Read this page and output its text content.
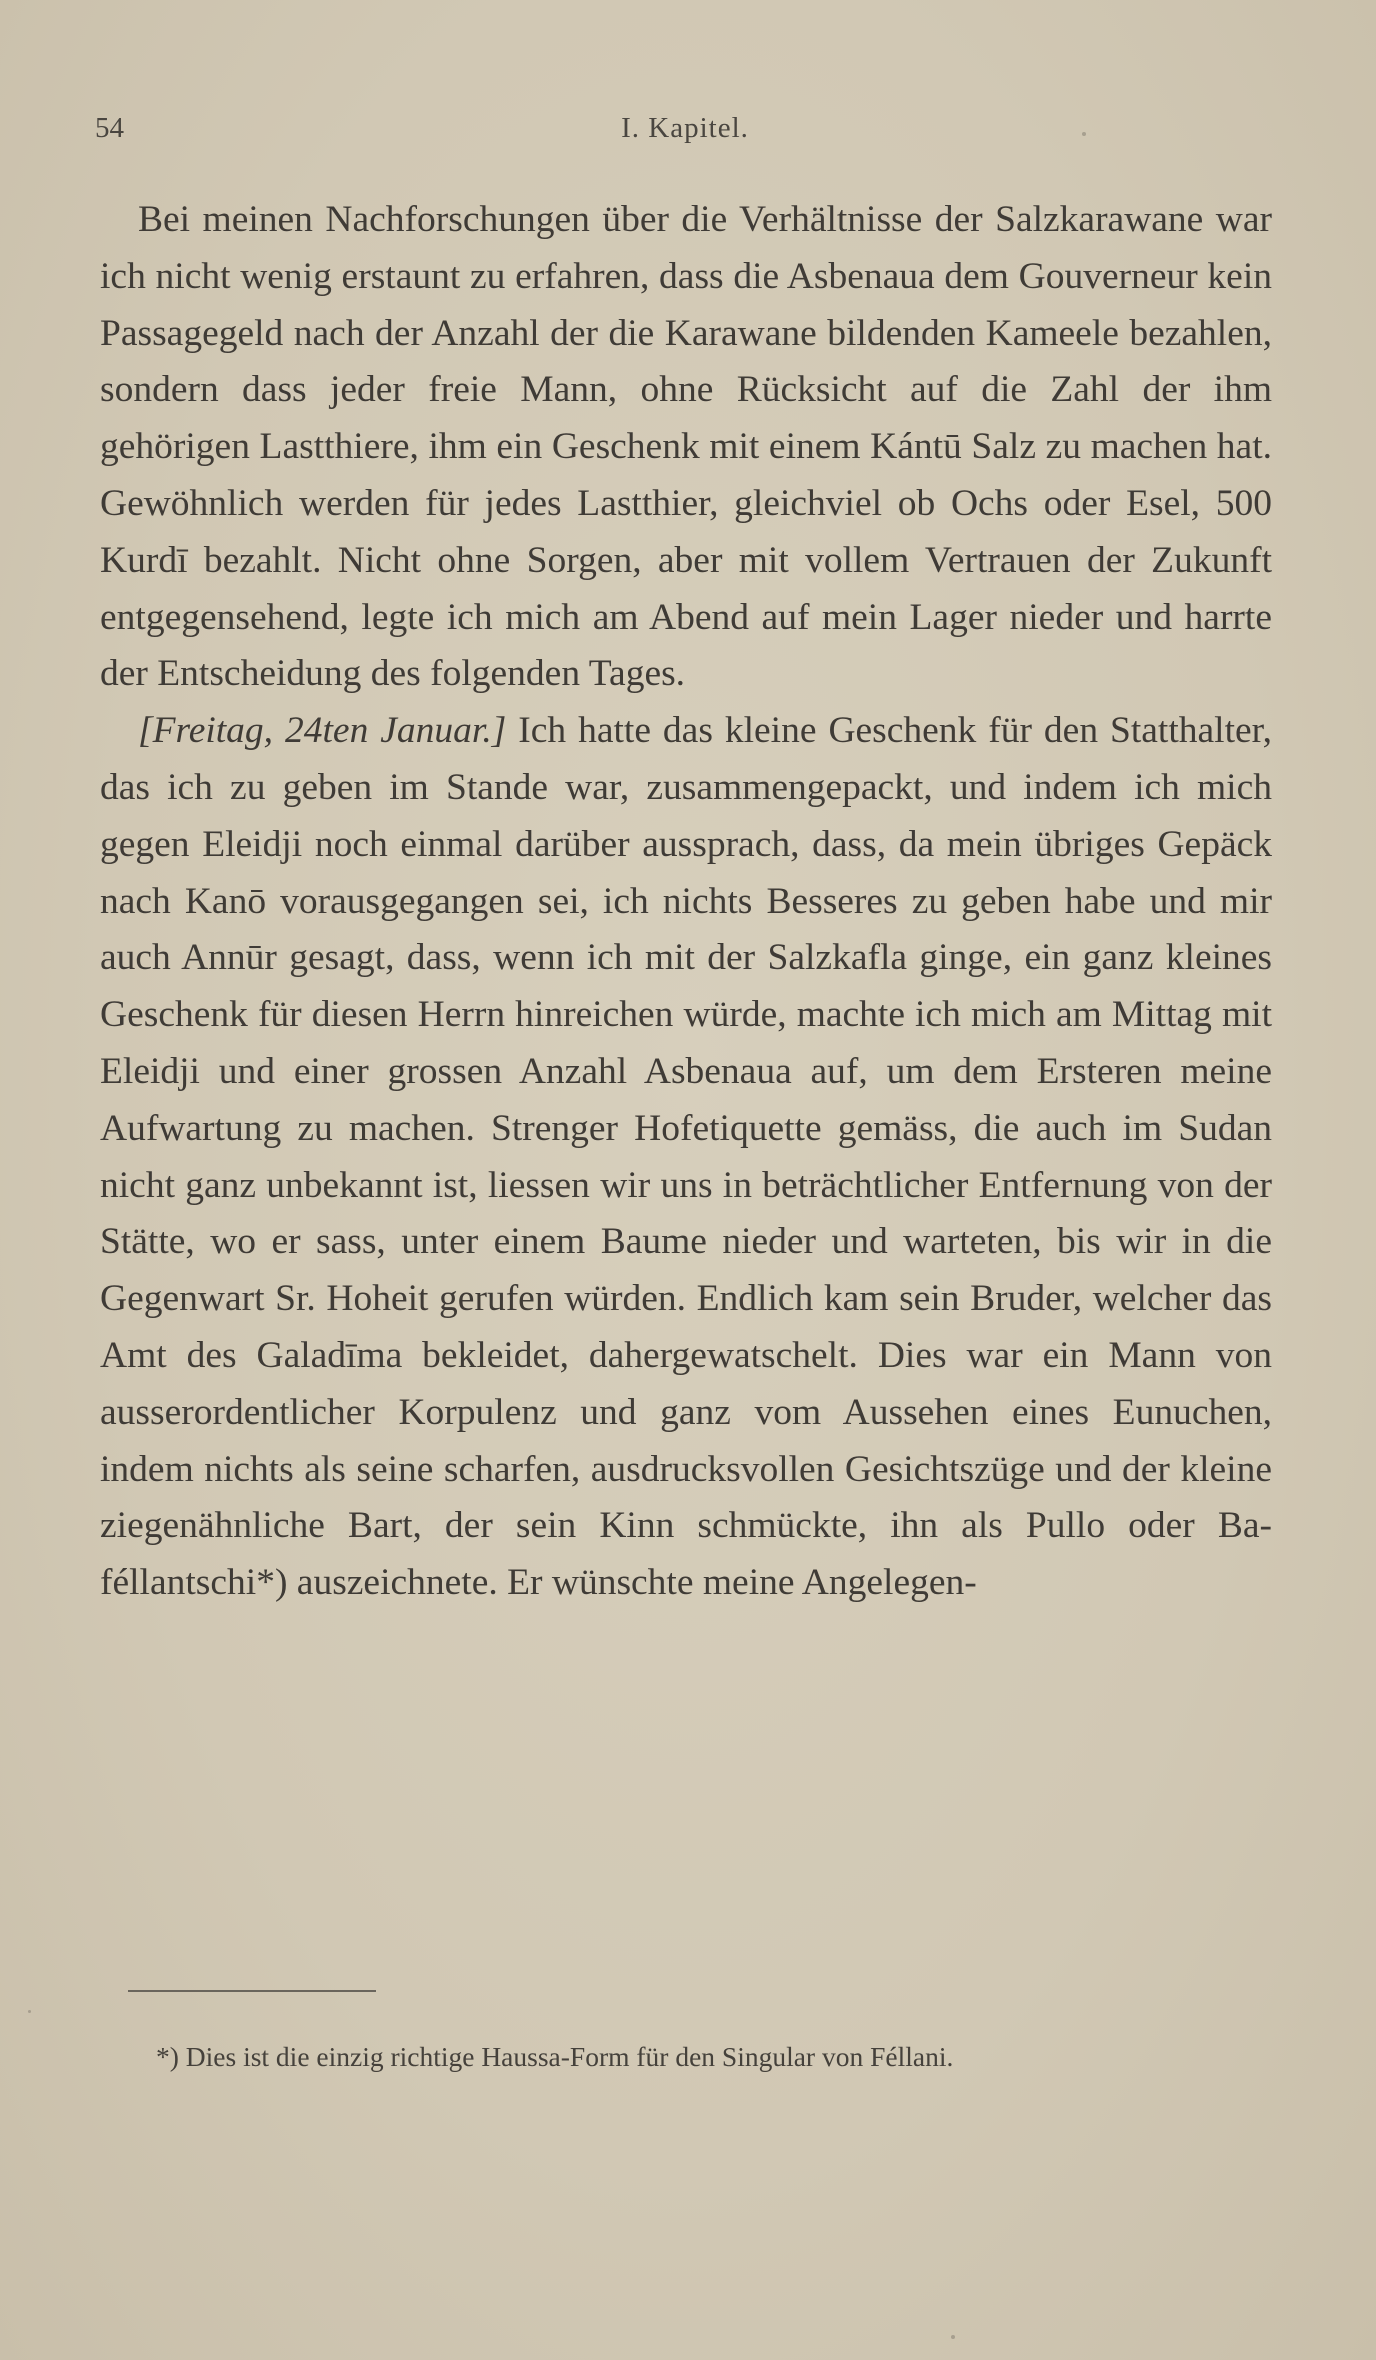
54	I. Kapitel.

Bei meinen Nachforschungen über die Verhältnisse der Salzkarawane war ich nicht wenig erstaunt zu erfahren, dass die Asbenaua dem Gouverneur kein Passagegeld nach der Anzahl der die Karawane bildenden Kameele bezahlen, sondern dass jeder freie Mann, ohne Rücksicht auf die Zahl der ihm gehörigen Lastthiere, ihm ein Geschenk mit einem Kántū Salz zu machen hat. Gewöhnlich werden für jedes Lastthier, gleichviel ob Ochs oder Esel, 500 Kurdī bezahlt. Nicht ohne Sorgen, aber mit vollem Vertrauen der Zukunft entgegensehend, legte ich mich am Abend auf mein Lager nieder und harrte der Entscheidung des folgenden Tages.

[Freitag, 24ten Januar.] Ich hatte das kleine Geschenk für den Statthalter, das ich zu geben im Stande war, zusammengepackt, und indem ich mich gegen Eleidji noch einmal darüber aussprach, dass, da mein übriges Gepäck nach Kanō vorausgegangen sei, ich nichts Besseres zu geben habe und mir auch Annūr gesagt, dass, wenn ich mit der Salzkafla ginge, ein ganz kleines Geschenk für diesen Herrn hinreichen würde, machte ich mich am Mittag mit Eleidji und einer grossen Anzahl Asbenaua auf, um dem Ersteren meine Aufwartung zu machen. Strenger Hofetiquette gemäss, die auch im Sudan nicht ganz unbekannt ist, liessen wir uns in beträchtlicher Entfernung von der Stätte, wo er sass, unter einem Baume nieder und warteten, bis wir in die Gegenwart Sr. Hoheit gerufen würden. Endlich kam sein Bruder, welcher das Amt des Galadīma bekleidet, dahergewatschelt. Dies war ein Mann von ausserordentlicher Korpulenz und ganz vom Aussehen eines Eunuchen, indem nichts als seine scharfen, ausdrucksvollen Gesichtszüge und der kleine ziegenähnliche Bart, der sein Kinn schmückte, ihn als Pullo oder Ba-féllantschi*) auszeichnete. Er wünschte meine Angelegen-

*) Dies ist die einzig richtige Haussa-Form für den Singular von Féllani.
